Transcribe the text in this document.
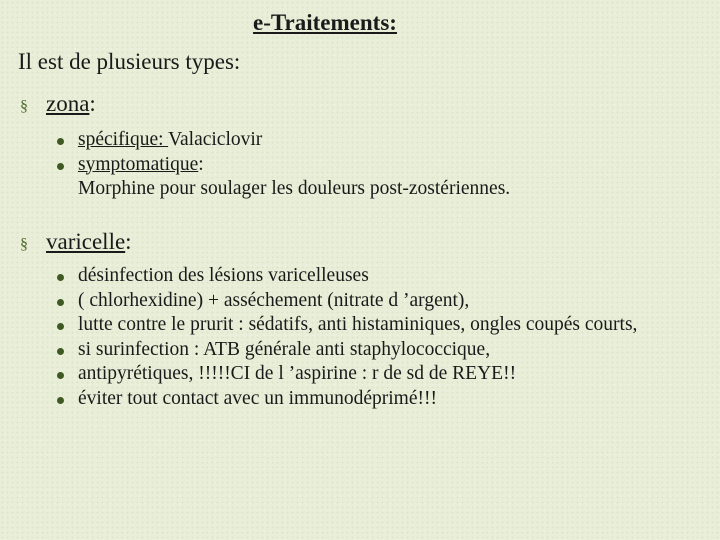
e-Traitements:
Il est de plusieurs types:
§ zona:
spécifique: Valaciclovir
symptomatique:
Morphine pour soulager les douleurs post-zostériennes.
§ varicelle:
désinfection des lésions varicelleuses
( chlorhexidine) + asséchement (nitrate d ’argent),
lutte contre le prurit : sédatifs, anti histaminiques, ongles coupés courts,
si surinfection : ATB générale anti staphylococcique,
antipyrétiques, !!!!!CI de l ’aspirine : r de sd de REYE!!
éviter tout contact avec un immunodéprimé!!!
